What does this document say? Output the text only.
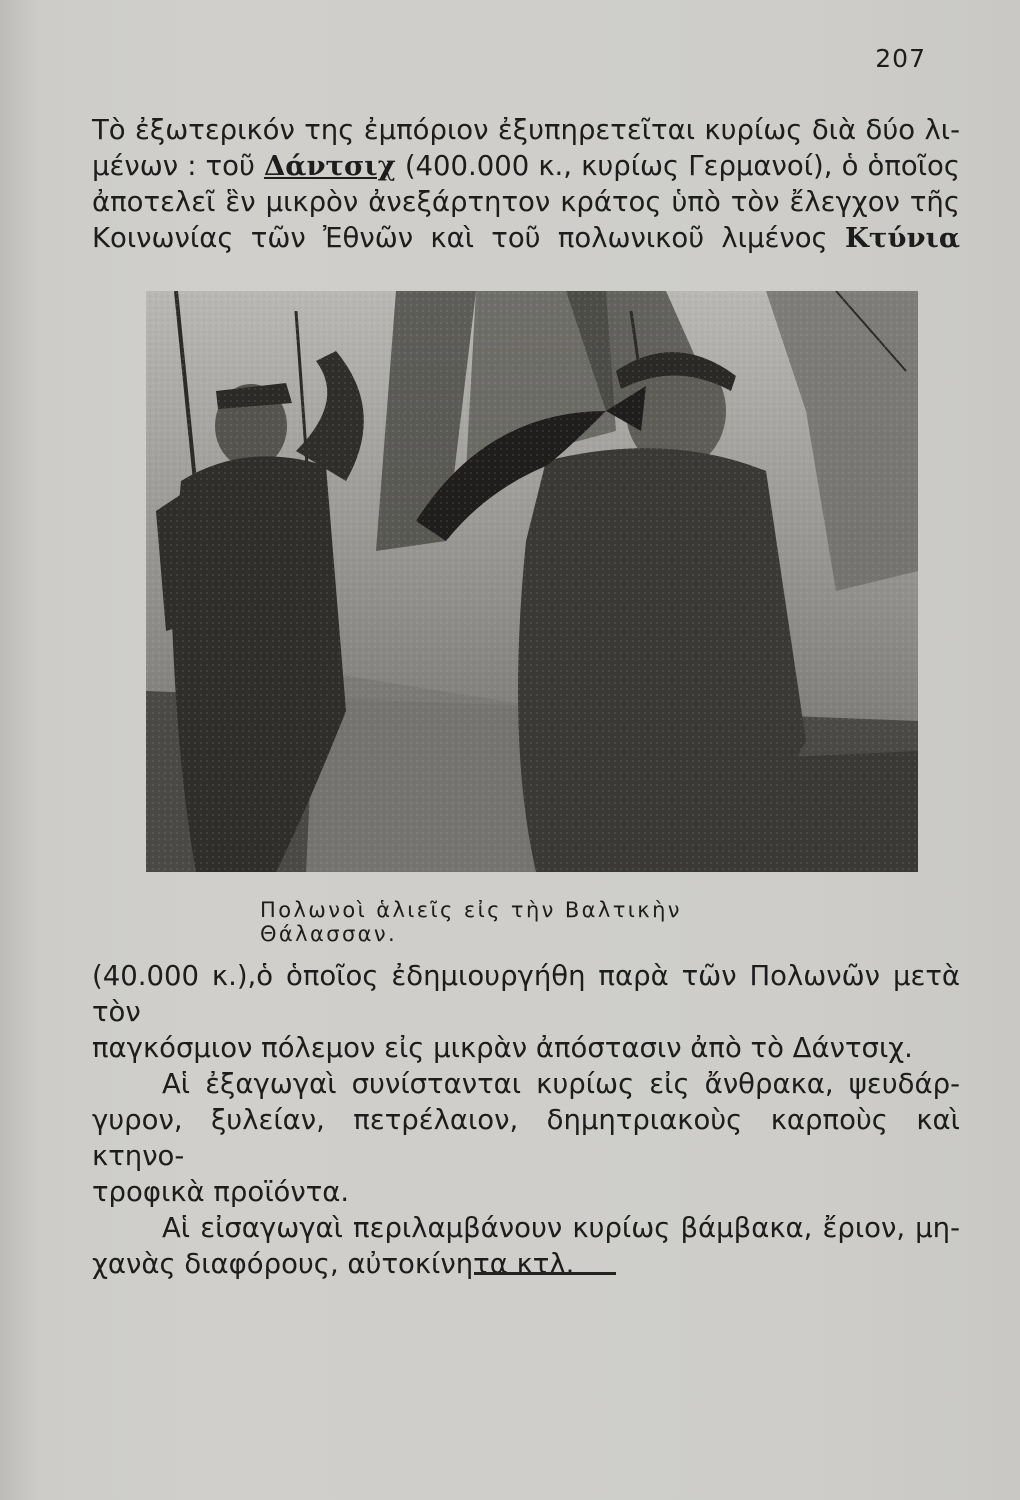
207
Τὸ ἐξωτερικόν της ἐμπόριον ἐξυπηρετεῖται κυρίως διὰ δύο λι-
μένων : τοῦ Δάντσιχ (400.000 κ., κυρίως Γερμανοί), ὁ ὁποῖος
ἀποτελεῖ ἓν μικρὸν ἀνεξάρτητον κράτος ὑπὸ τὸν ἔλεγχον τῆς
Κοινωνίας τῶν Ἐθνῶν καὶ τοῦ πολωνικοῦ λιμένος Κτύνια
Πολωνοὶ ἁλιεῖς εἰς τὴν Βαλτικὴν Θάλασσαν.
(40.000 κ.),ὁ ὁποῖος ἐδημιουργήθη παρὰ τῶν Πολωνῶν μετὰ τὸν
παγκόσμιον πόλεμον εἰς μικρὰν ἀπόστασιν ἀπὸ τὸ Δάντσιχ.
Αἱ ἐξαγωγαὶ συνίστανται κυρίως εἰς ἄνθρακα, ψευδάρ-
γυρον, ξυλείαν, πετρέλαιον, δημητριακοὺς καρποὺς καὶ κτηνο-
τροφικὰ προϊόντα.
Αἱ εἰσαγωγαὶ περιλαμβάνουν κυρίως βάμβακα, ἔριον, μη-
χανὰς διαφόρους, αὐτοκίνητα κτλ.
